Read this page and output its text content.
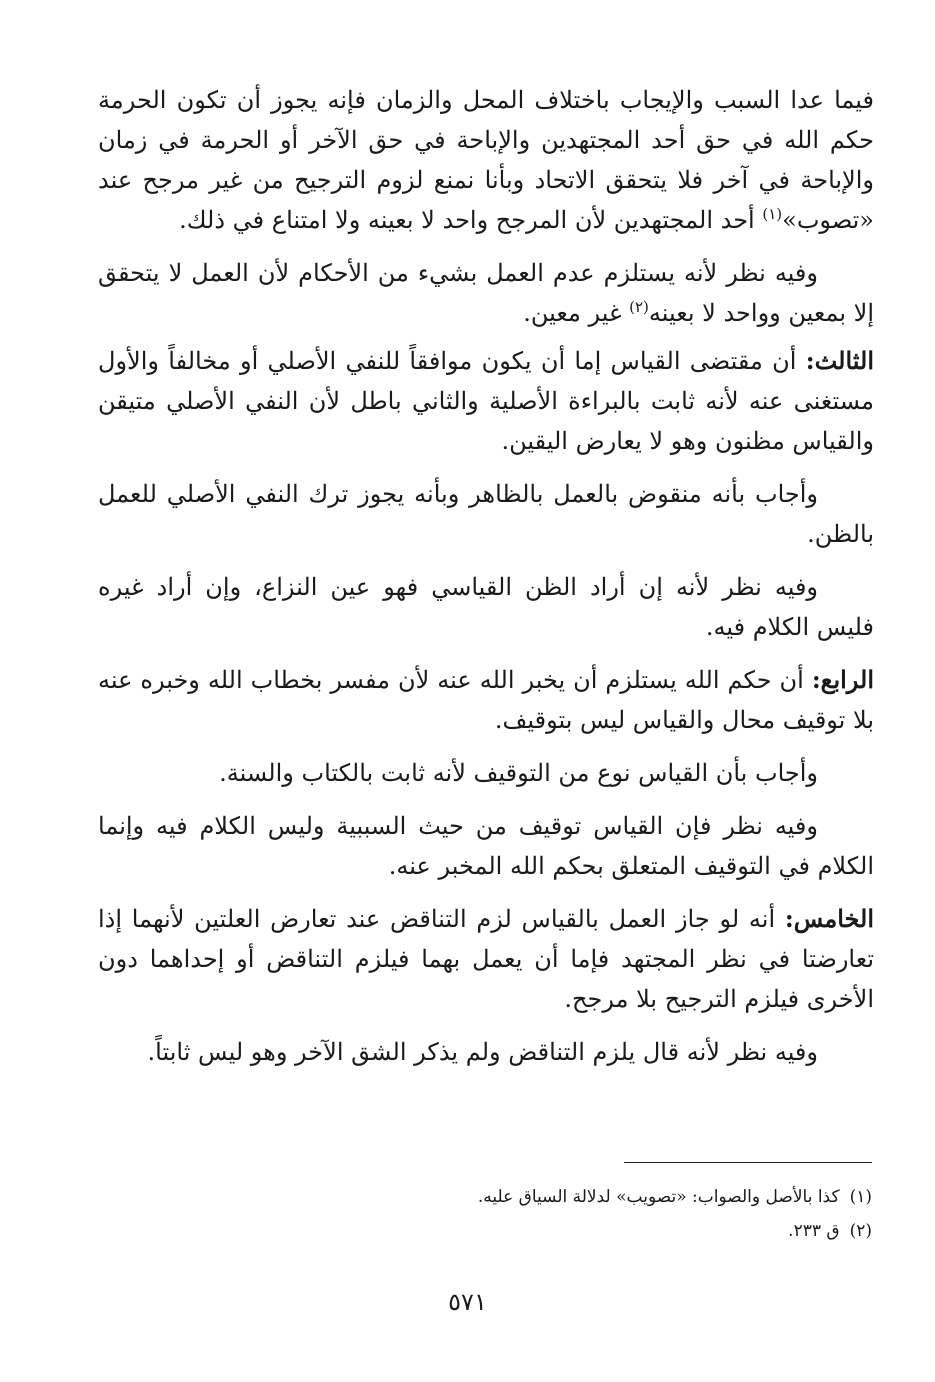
فيما عدا السبب والإيجاب باختلاف المحل والزمان فإنه يجوز أن تكون الحرمة حكم الله في حق أحد المجتهدين والإباحة في حق الآخر أو الحرمة في زمان والإباحة في آخر فلا يتحقق الاتحاد وبأنا نمنع لزوم الترجيح من غير مرجح عند «تصوب»$^{(١)}$ أحد المجتهدين لأن المرجح واحد لا بعينه ولا امتناع في ذلك.

وفيه نظر لأنه يستلزم عدم العمل بشيء من الأحكام لأن العمل لا يتحقق إلا بمعين وواحد لا بعينه$^{(٢)}$ غير معين.

الثالث: أن مقتضى القياس إما أن يكون موافقاً للنفي الأصلي أو مخالفاً والأول مستغنى عنه لأنه ثابت بالبراءة الأصلية والثاني باطل لأن النفي الأصلي متيقن والقياس مظنون وهو لا يعارض اليقين.

وأجاب بأنه منقوض بالعمل بالظاهر وبأنه يجوز ترك النفي الأصلي للعمل بالظن.

وفيه نظر لأنه إن أراد الظن القياسي فهو عين النزاع، وإن أراد غيره فليس الكلام فيه.

الرابع: أن حكم الله يستلزم أن يخبر الله عنه لأن مفسر بخطاب الله وخبره عنه بلا توقيف محال والقياس ليس بتوقيف.

وأجاب بأن القياس نوع من التوقيف لأنه ثابت بالكتاب والسنة.

وفيه نظر فإن القياس توقيف من حيث السببية وليس الكلام فيه وإنما الكلام في التوقيف المتعلق بحكم الله المخبر عنه.

الخامس: أنه لو جاز العمل بالقياس لزم التناقض عند تعارض العلتين لأنهما إذا تعارضتا في نظر المجتهد فإما أن يعمل بهما فيلزم التناقض أو إحداهما دون الأخرى فيلزم الترجيح بلا مرجح.

وفيه نظر لأنه قال يلزم التناقض ولم يذكر الشق الآخر وهو ليس ثابتاً.

(١)كذا بالأصل والصواب: «تصويب» لدلالة السياق عليه.
(٢)ق ٢٣٣.
٥٧١
